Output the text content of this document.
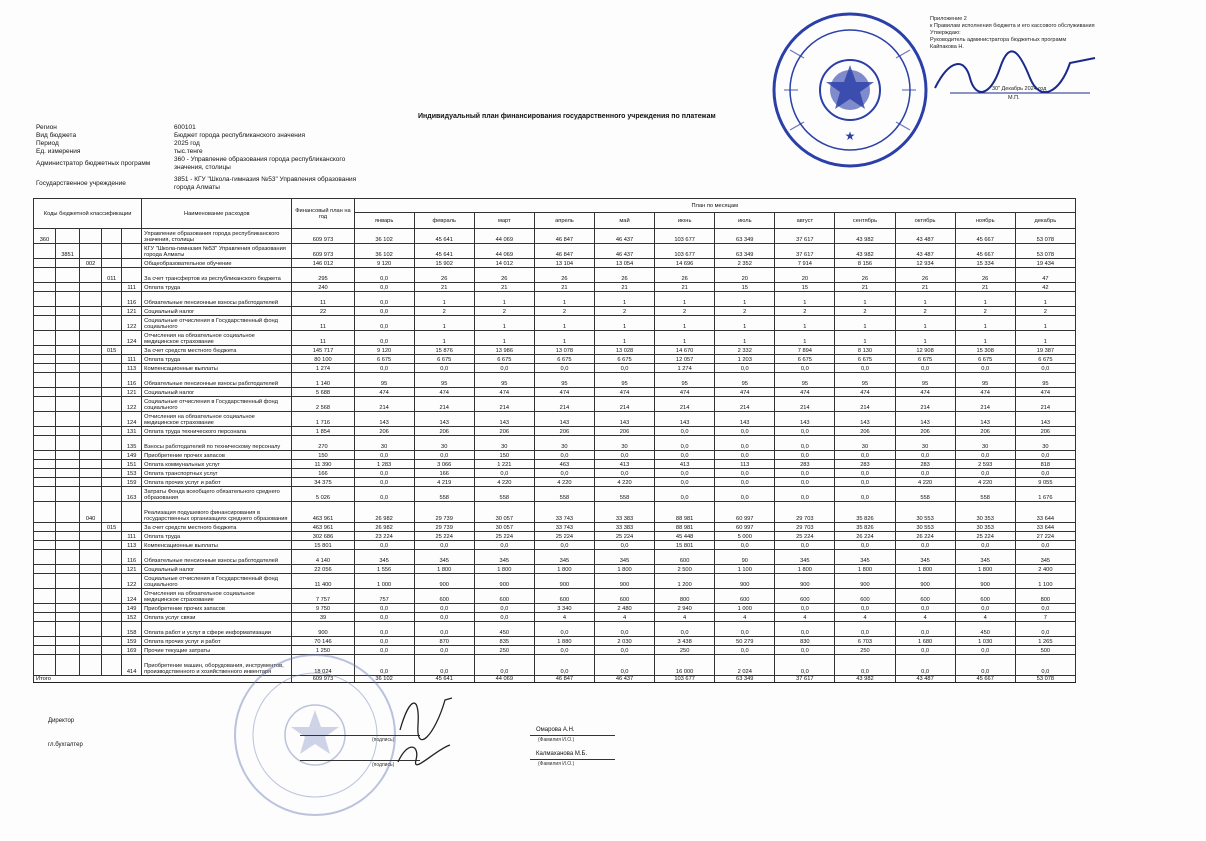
Приложение 2
к Правилам исполнения бюджета и его кассового обслуживания
Утверждаю:
Руководитель администратора бюджетных программ
Кайпакова Н.
"30" Декабрь 2024 год
М.П.
★
Индивидуальный план финансирования государственного учреждения по платежам
Регион	600101
Вид бюджета	Бюджет города республиканского значения
Период	2025 год
Ед. измерения	тыс.тенге
Администратор бюджетных программ
360 - Управление образования города республиканского значения, столицы
Государственное учреждение
3851 - КГУ "Школа-гимназия №53" Управления образования города Алматы
Коды бюджетной классификации					Наименование расходов	Финансовый план на год	План по месяцам											
							январь	февраль	март	апрель	май	июнь	июль	август	сентябрь	октябрь	ноябрь	декабрь
360					Управление образования города республиканского значения, столицы	609 973	36 102	45 641	44 069	46 847	46 437	103 677	63 349	37 617	43 982	43 487	45 667	53 078
	3851				КГУ "Школа-гимназия №53" Управления образования города Алматы	609 973	36 102	45 641	44 069	46 847	46 437	103 677	63 349	37 617	43 982	43 487	45 667	53 078
		002			Общеобразовательное обучение	146 012	9 120	15 902	14 012	13 104	13 054	14 696	2 352	7 914	8 156	12 934	15 334	19 434
			011		За счет трансфертов из республиканского бюджета	295	0,0	26	26	26	26	26	20	20	26	26	26	47
				111	Оплата труда	240	0,0	21	21	21	21	21	15	15	21	21	21	42
				116	Обязательные пенсионные взносы работодателей	11	0,0	1	1	1	1	1	1	1	1	1	1	1
				121	Социальный налог	22	0,0	2	2	2	2	2	2	2	2	2	2	2
				122	Социальные отчисления в Государственный фонд социального	11	0,0	1	1	1	1	1	1	1	1	1	1	1
				124	Отчисления на обязательное социальное медицинское страхование	11	0,0	1	1	1	1	1	1	1	1	1	1	1
			015		За счет средств местного бюджета	145 717	9 120	15 876	13 986	13 078	13 028	14 670	2 332	7 894	8 130	12 908	15 308	19 387
				111	Оплата труда	80 100	6 675	6 675	6 675	6 675	6 675	12 057	1 203	6 675	6 675	6 675	6 675	6 675
				113	Компенсационные выплаты	1 274	0,0	0,0	0,0	0,0	0,0	1 274	0,0	0,0	0,0	0,0	0,0	0,0
				116	Обязательные пенсионные взносы работодателей	1 140	95	95	95	95	95	95	95	95	95	95	95	95
				121	Социальный налог	5 688	474	474	474	474	474	474	474	474	474	474	474	474
				122	Социальные отчисления в Государственный фонд социального	2 568	214	214	214	214	214	214	214	214	214	214	214	214
				124	Отчисления на обязательное социальное медицинское страхование	1 716	143	143	143	143	143	143	143	143	143	143	143	143
				131	Оплата труда технического персонала	1 854	206	206	206	206	206	0,0	0,0	0,0	206	206	206	206
				135	Взносы работодателей по техническому персоналу	270	30	30	30	30	30	0,0	0,0	0,0	30	30	30	30
				149	Приобретение прочих запасов	150	0,0	0,0	150	0,0	0,0	0,0	0,0	0,0	0,0	0,0	0,0	0,0
				151	Оплата коммунальных услуг	11 390	1 283	3 066	1 221	463	413	413	113	283	283	283	2 593	818
				153	Оплата транспортных услуг	166	0,0	166	0,0	0,0	0,0	0,0	0,0	0,0	0,0	0,0	0,0	0,0
				159	Оплата прочих услуг и работ	34 375	0,0	4 219	4 220	4 220	4 220	0,0	0,0	0,0	0,0	4 220	4 220	9 055
				163	Затраты Фонда всеобщего обязательного среднего образования	5 026	0,0	558	558	558	558	0,0	0,0	0,0	0,0	558	558	1 676
		040			Реализация подушевого финансирования в государственных организациях среднего образования	463 961	26 982	29 739	30 057	33 743	33 383	88 981	60 997	29 703	35 826	30 553	30 353	33 644
			015		За счет средств местного бюджета	463 961	26 982	29 739	30 057	33 743	33 383	88 981	60 997	29 703	35 826	30 553	30 353	33 644
				111	Оплата труда	302 686	23 224	25 224	25 224	25 224	25 224	45 448	5 000	25 224	26 224	26 224	25 224	27 224
				113	Компенсационные выплаты	15 801	0,0	0,0	0,0	0,0	0,0	15 801	0,0	0,0	0,0	0,0	0,0	0,0
				116	Обязательные пенсионные взносы работодателей	4 140	345	345	345	345	345	600	90	345	345	345	345	345
				121	Социальный налог	22 056	1 556	1 800	1 800	1 800	1 800	2 500	1 100	1 800	1 800	1 800	1 800	2 400
				122	Социальные отчисления в Государственный фонд социального	11 400	1 000	900	900	900	900	1 200	900	900	900	900	900	1 100
				124	Отчисления на обязательное социальное медицинское страхование	7 757	757	600	600	600	600	800	600	600	600	600	600	800
				149	Приобретение прочих запасов	9 750	0,0	0,0	0,0	3 340	2 480	2 940	1 000	0,0	0,0	0,0	0,0	0,0
				152	Оплата услуг связи	39	0,0	0,0	0,0	4	4	4	4	4	4	4	4	7
				158	Оплата работ и услуг в сфере информатизации	900	0,0	0,0	450	0,0	0,0	0,0	0,0	0,0	0,0	0,0	450	0,0
				159	Оплата прочих услуг и работ	70 146	0,0	870	835	1 880	2 030	3 438	50 279	830	6 703	1 680	1 030	1 265
				169	Прочие текущие затраты	1 250	0,0	0,0	250	0,0	0,0	250	0,0	0,0	250	0,0	0,0	500
				414	Приобретение машин, оборудования, инструментов, производственного и хозяйственного инвентаря	18 024	0,0	0,0	0,0	0,0	0,0	16 000	2 024	0,0	0,0	0,0	0,0	0,0
Итого						609 973	36 102	45 641	44 069	46 847	46 437	103 677	63 349	37 617	43 982	43 487	45 667	53 078
Директор
гл.бухгалтер
(подпись)
(подпись)
Омарова А.Н.
(Фамилия И.О.)
Калмаханова М.Б.
(Фамилия И.О.)
